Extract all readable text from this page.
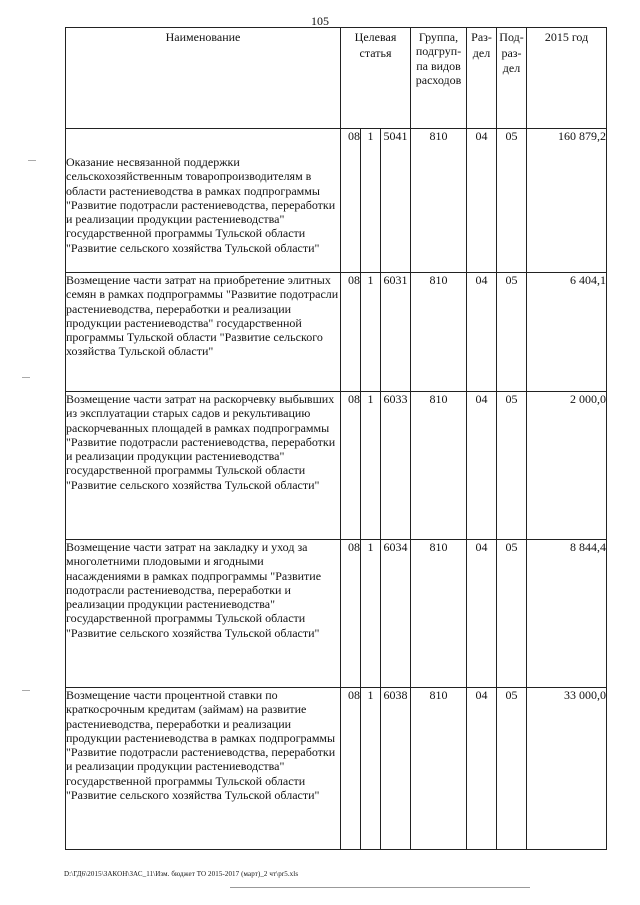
105
Наименование	Целевая статья			Группа, подгруп- па видов расходов	Раз- дел	Под- раз- дел	2015 год
Оказание несвязанной поддержки сельскохозяйственным товаропроизводителям в области растениеводства в рамках подпрограммы "Развитие подотрасли растениеводства, переработки и реализации продукции растениеводства" государственной программы Тульской области "Развитие сельского хозяйства Тульской области"	08	1	5041	810	04	05	160 879,2
Возмещение части затрат на приобретение элитных семян в рамках подпрограммы "Развитие подотрасли растениеводства, переработки и реализации продукции растениеводства" государственной программы Тульской области "Развитие сельского хозяйства Тульской области"	08	1	6031	810	04	05	6 404,1
Возмещение части затрат на раскорчевку выбывших из эксплуатации старых садов и рекультивацию раскорчеванных площадей в рамках подпрограммы "Развитие подотрасли растениеводства, переработки и реализации продукции растениеводства" государственной программы Тульской области "Развитие сельского хозяйства Тульской области"	08	1	6033	810	04	05	2 000,0
Возмещение части затрат на закладку и уход за многолетними плодовыми и ягодными насаждениями в рамках подпрограммы "Развитие подотрасли растениеводства, переработки и реализации продукции растениеводства" государственной программы Тульской области "Развитие сельского хозяйства Тульской области"	08	1	6034	810	04	05	8 844,4
Возмещение части процентной ставки по краткосрочным кредитам (займам) на развитие растениеводства, переработки и реализации продукции растениеводства в рамках подпрограммы "Развитие подотрасли растениеводства, переработки и реализации продукции растениеводства" государственной программы Тульской области "Развитие сельского хозяйства Тульской области"	08	1	6038	810	04	05	33 000,0
D:\ГД6\2015\ЗАКОН\ЗАС_11\Изм. бюджет ТО 2015-2017 (март)_2 чт\pr5.xls
